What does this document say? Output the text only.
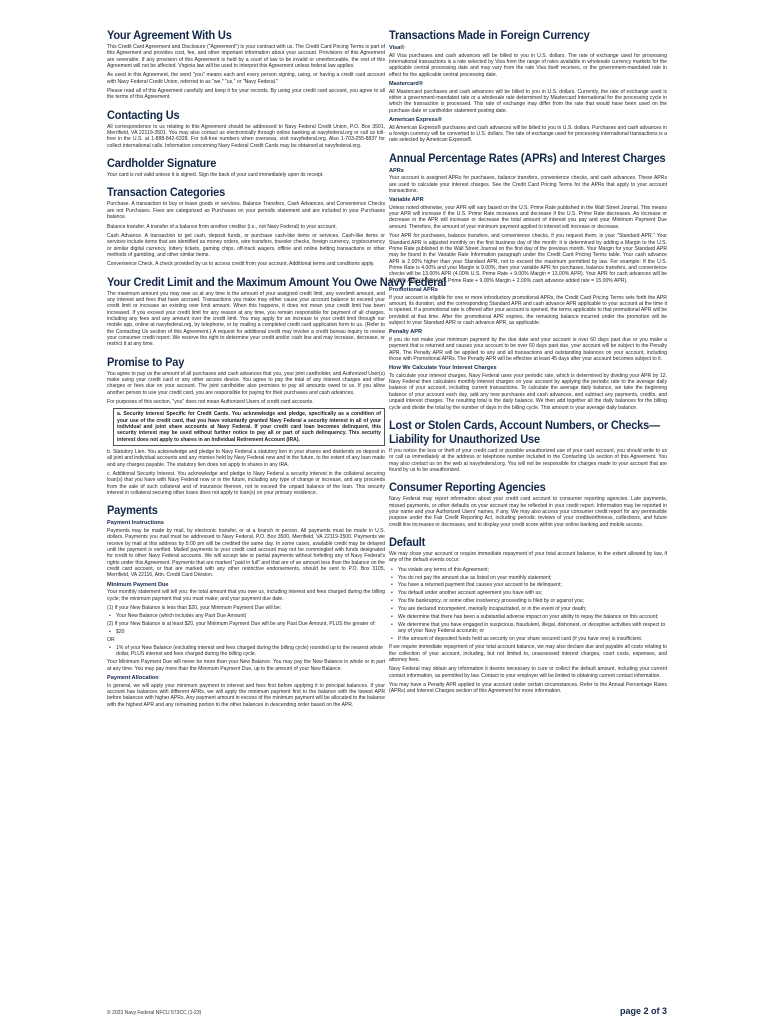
Your Agreement With Us

This Credit Card Agreement and Disclosure ("Agreement") is your contract with us. The Credit Card Pricing Terms is part of this Agreement and provides cost, fee, and other important information about your account. Provisions of this Agreement are severable. If any provision of this Agreement is held by a court of law to be invalid or unenforceable, the rest of this Agreement will not be affected. Virginia law will be used to interpret this Agreement unless federal law applies.

As used in this Agreement, the word "you" means each and every person signing, using, or having a credit card account with Navy Federal Credit Union, referred to as "we," "us," or "Navy Federal."

Please read all of this Agreement carefully and keep it for your records. By using your credit card account, you agree to all the terms of this Agreement.

Contacting Us

All correspondence to us relating to this Agreement should be addressed to Navy Federal Credit Union, P.O. Box 3501, Merrifield, VA 22119-3501. You may also contact us electronically through online banking at navyfederal.org or call us toll-free in the U.S. at 1-888-842-6328. For toll-free numbers when overseas, visit navyfederal.org. Also 1-703-255-8837 for collect international calls. Information concerning Navy Federal Credit Cards may be obtained at navyfederal.org.

Cardholder Signature

Your card is not valid unless it is signed. Sign the back of your card immediately upon its receipt.

Transaction Categories

Purchase. A transaction to buy or lease goods or services. Balance Transfers, Cash Advances, and Convenience Checks are not Purchases. Fees are categorized as Purchases on your periodic statement and are included in your Purchases balance.

Balance transfer. A transfer of a balance from another creditor (i.e., not Navy Federal) to your account.

Cash Advance. A transaction to get cash, deposit funds, or purchase cash-like items or services. Cash-like items or services include items that are identified as money orders, wire transfers, traveler checks, foreign currency, cryptocurrency or similar digital currency, lottery tickets, gaming chips, off-track wagers, offline and online betting transactions or other methods of gambling, and other similar items.

Convenience Check. A check provided by us to access credit from your account. Additional terms and conditions apply.

Your Credit Limit and the Maximum Amount You Owe Navy Federal

The maximum amount you may owe us at any time is the amount of your assigned credit limit, any overlimit amount, and any interest and fees that have accrued. Transactions you make may either cause your account balance to exceed your credit limit or increase an existing over limit amount. When this happens, it does not mean your credit limit has been increased. If you exceed your credit limit for any reason at any time, you remain responsible for payment of all charges, including any fees and any amount over the credit limit. You may apply for an increase to your credit limit through our mobile app, online at navyfederal.org, by telephone, or by mailing a completed credit card application form to us. (Refer to the Contacting Us section of this Agreement.) A request for additional credit may involve a credit bureau inquiry to review your consumer credit report. We reserve the right to determine your credit and/or cash line and may increase, decrease, or restrict it at any time.

Promise to Pay

You agree to pay us the amount of all purchases and cash advances that you, your joint cardholder, and Authorized User(s) make using your credit card or any other access device. You agree to pay the total of any interest charges and other charges or fees due on your account. The joint cardholder also promises to pay all amounts owed to us. If you allow another person to use your credit card, you are responsible for paying for their purchases and cash advances.

For purposes of this section, "you" does not mean Authorized Users of credit card accounts.

a. Security Interest Specific for Credit Cards. You acknowledge and pledge, specifically as a condition of your use of the credit card, that you have voluntarily granted Navy Federal a security interest in all of your individual and joint share accounts at Navy Federal. If your credit card loan becomes delinquent, this security interest may be used without further notice to pay all or part of such delinquency. This security interest does not apply to shares in an Individual Retirement Account (IRA).

b. Statutory Lien. You acknowledge and pledge to Navy Federal a statutory lien in your shares and dividends on deposit in all joint and individual accounts and any monies held by Navy Federal now and in the future, to the extent of any loan made and any charges payable. The statutory lien does not apply to shares in any IRA.

c. Additional Security Interest. You acknowledge and pledge to Navy Federal a security interest in the collateral securing loan(s) that you have with Navy Federal now or in the future, including any type of change or increase, and any proceeds from the sale of such collateral and of insurance thereon, not to exceed the unpaid balance of the loan. This security interest in collateral securing other loans does not apply to loan(s) on your primary residence.

Payments
Payment Instructions

Payments may be made by mail, by electronic transfer, or at a branch in person. All payments must be made in U.S. dollars. Payments you mail must be addressed to Navy Federal, P.O. Box 3500, Merrifield, VA 22119-3500. Payments we receive by mail at this address by 5:00 pm will be credited the same day. In some cases, available credit may be delayed until the payment is verified. Mailed payments to your credit card account may not be commingled with funds designated for credit to other Navy Federal accounts. We will accept late or partial payments without forfeiting any of Navy Federal's rights under this Agreement. Payments that are marked "paid in full" and that are of an amount less than the balance on the credit card account, or that are marked with any other restrictive endorsements, should be sent to P.O. Box 3105, Merrifield, VA 22116, Attn. Credit Card Division.

Minimum Payment Due

Your monthly statement will tell you: the total amount that you owe us, including interest and fees charged during the billing cycle; the minimum payment that you must make; and your payment due date.

(1) If your New Balance is less than $20, your Minimum Payment Due will be:
• Your New Balance (which includes any Past Due Amount)
(2) If your New Balance is at least $20, your Minimum Payment Due will be any Past Due Amount, PLUS the greater of:
• $20
OR
• 1% of your New Balance (excluding interest and fees charged during the billing cycle) rounded up to the nearest whole dollar, PLUS interest and fees charged during the billing cycle.

Your Minimum Payment Due will never be more than your New Balance. You may pay the New Balance in whole or in part at any time. You may pay more than the Minimum Payment Due, up to the amount of your New Balance.

Payment Allocation

In general, we will apply your minimum payment to interest and fees first before applying it to principal balances. If your account has balances with different APRs, we will apply the minimum payment first to the balance with the lowest APR before balances with higher APRs. Any payment amount in excess of the minimum payment will be allocated to the balance with the highest APR and any remaining portion to the other balances in descending order based on the APR.

Transactions Made in Foreign Currency
Visa®

All Visa purchases and cash advances will be billed to you in U.S. dollars. The rate of exchange used for processing International transactions is a rate selected by Visa from the range of rates available in wholesale currency markets for the applicable central processing date and may vary from the rate Visa itself receives, or the government-mandated rate in effect for the applicable central processing date.

Mastercard®

All Mastercard purchases and cash advances will be billed to you in U.S. dollars. Currently, the rate of exchange used is either a government-mandated rate or a wholesale rate determined by Mastercard International for the processing cycle in which the transaction is processed. This rate of exchange may differ from the rate that would have been used on the purchase date or cardholder statement posting date.

American Express®

All American Express® purchases and cash advances will be billed to you in U.S. dollars. Purchases and cash advances in a foreign currency will be converted to U.S. dollars. The rate of exchange used for processing international transactions is a rate selected by American Express®.

Annual Percentage Rates (APRs) and Interest Charges
APRs

Your account is assigned APRs for purchases, balance transfers, convenience checks, and cash advances. These APRs are used to calculate your interest charges. See the Credit Card Pricing Terms for the APRs that apply to your account transactions.

Variable APR

Unless noted otherwise, your APR will vary based on the U.S. Prime Rate published in the Wall Street Journal. This means your APR will increase if the U.S. Prime Rate increases and decrease if the U.S. Prime Rate decreases. An increase or decrease in the APR will increase or decrease the total amount of interest you pay and your Minimum Payment Due amount. Therefore, the amount of your minimum payment applied to interest will increase or decrease.

Your APR for purchases, balance transfers, and convenience checks, if you request them, is your "Standard APR." Your Standard APR is adjusted monthly on the first business day of the month; it is determined by adding a Margin to the U.S. Prime Rate published in the Wall Street Journal on the first day of the previous month. Your Margin for your Standard APR may be found in the Variable Rate Information paragraph under the Credit Card Pricing Terms table. Your cash advance APR is 2.00% higher than your Standard APR, not to exceed the maximum permitted by law. For example: If the U.S. Prime Rate is 4.00% and your Margin is 9.00%, then your variable APR for purchases, balance transfers, and convenience checks will be 13.00% APR (4.00% U.S. Prime Rate + 9.00% Margin = 13.00% APR). Your APR for cash advances will be 15.00% APR (4.00% U.S. Prime Rate + 9.00% Margin + 2.00% cash advance added rate = 15.00% APR).

Promotional APRs

If your account is eligible for one or more introductory promotional APRs, the Credit Card Pricing Terms sets forth the APR amount, its duration, and the corresponding Standard APR and cash advance APR applicable to your account at the time it is opened. If a promotional rate is offered after your account is opened, the terms applicable to that promotional APR will be provided at that time. After the promotional APR expires, the remaining balance incurred under the promotion will be subject to your Standard APR or cash advance APR, as applicable.

Penalty APR

If you do not make your minimum payment by the due date and your account is over 60 days past due or you make a payment that is returned and causes your account to be over 60 days past due, your account will be subject to the Penalty APR. The Penalty APR will be applied to any and all transactions and outstanding balances on your account, including those with Promotional APRs. The Penalty APR will be effective at least 45 days after your account becomes subject to it.

How We Calculate Your Interest Charges

To calculate your interest charges, Navy Federal uses your periodic rate, which is determined by dividing your APR by 12. Navy Federal then calculates monthly interest charges on your account by applying the periodic rate to the average daily balance of your account, including current transactions. To calculate the average daily balance, we take the beginning balance of your account each day, add any new purchases and cash advances, and subtract any payments, credits, and unpaid interest charges. The resulting total is the daily balance. We then add together all the daily balances for the billing cycle and divide the total by the number of days in the billing cycle. This amount is your average daily balance.

Lost or Stolen Cards, Account Numbers, or Checks—Liability for Unauthorized Use

If you notice the loss or theft of your credit card or possible unauthorized use of your card account, you should write to us or call us immediately at the address or telephone number included in the Contacting Us section of this Agreement. You may also contact us on the web at navyfederal.org. You will not be responsible for charges made to your account that are found by us to be unauthorized.

Consumer Reporting Agencies

Navy Federal may report information about your credit card account to consumer reporting agencies. Late payments, missed payments, or other defaults on your account may be reflected in your credit report. Information may be reported in your name and your Authorized Users' names, if any. We may also access your consumer credit report for any permissible purpose under the Fair Credit Reporting Act, including periodic reviews of your creditworthiness, collections, and future credit line increases or decreases, and to display your credit score within your online banking and mobile access.

Default

We may close your account or require immediate repayment of your total account balance, to the extent allowed by law, if any of the default events occur:

• You violate any terms of this Agreement;
• You do not pay the amount due as listed on your monthly statement;
• You have a returned payment that causes your account to be delinquent;
• You default under another account agreement you have with us;
• You file bankruptcy, or some other insolvency proceeding is filed by or against you;
• You are declared incompetent, mentally incapacitated, or in the event of your death;
• We determine that there has been a substantial adverse impact on your ability to repay the balance on this account;
• We determine that you have engaged in suspicious, fraudulent, illegal, dishonest, or deceptive activities with respect to any of your Navy Federal accounts; or
• If the amount of deposited funds held as security on your share secured card (if you have one) is insufficient.

If we require immediate repayment of your total account balance, we may also declare due and payable all costs relating to the collection of your account, including, but not limited to, unassessed interest charges, court costs, expenses, and attorney fees.

Navy Federal may obtain any information it deems necessary to cure or collect the default amount, including your current contact information, as permitted by law. Contact to your employer will be limited to obtaining current contact information.

You may have a Penalty APR applied to your account under certain circumstances. Refer to the Annual Percentage Rates (APRs) and Interest Charges section of this Agreement for more information.

© 2023 Navy Federal NFCU 573CC (1-23)	page 2 of 3
